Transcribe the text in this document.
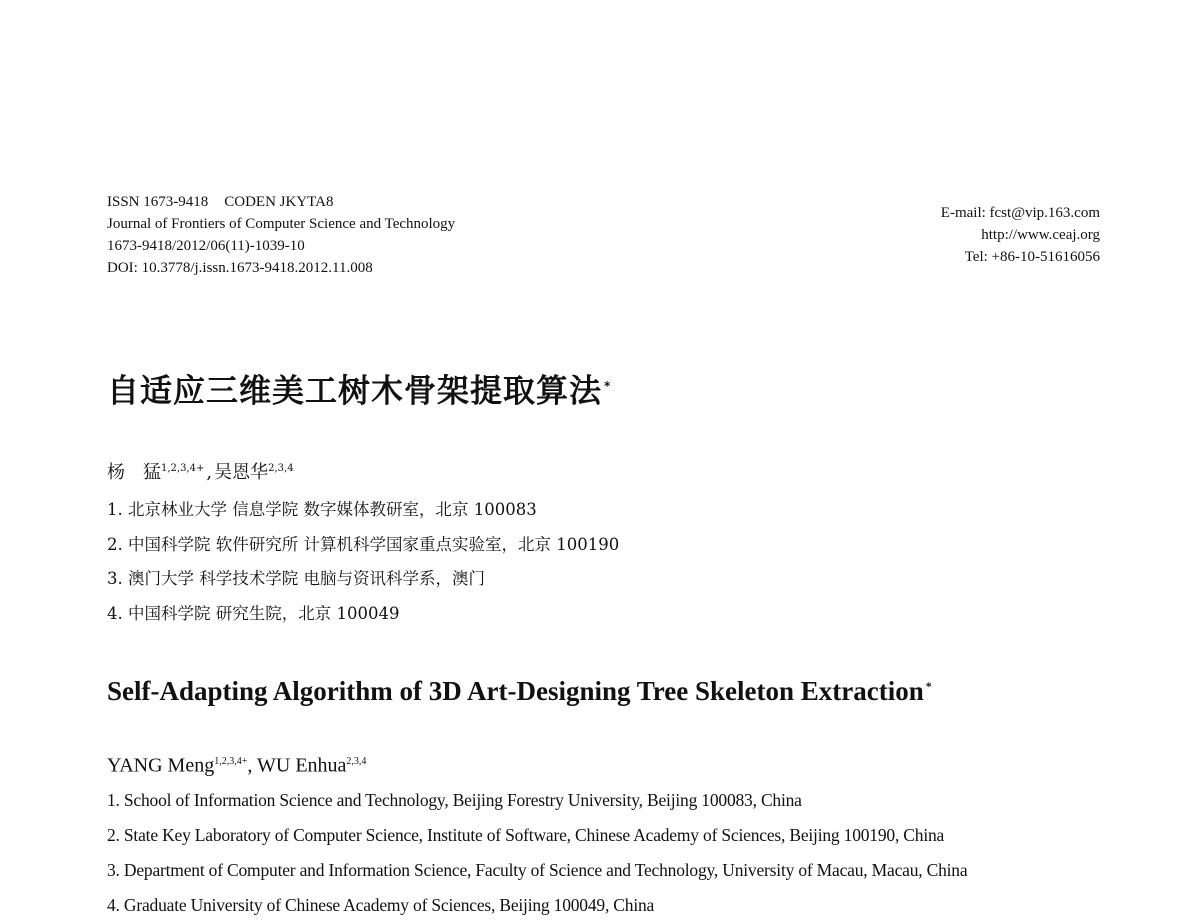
ISSN 1673-9418 CODEN JKYTA8
Journal of Frontiers of Computer Science and Technology
1673-9418/2012/06(11)-1039-10
DOI: 10.3778/j.issn.1673-9418.2012.11.008
E-mail: fcst@vip.163.com
http://www.ceaj.org
Tel: +86-10-51616056
自适应三维美工树木骨架提取算法 *
杨　猛$^{1,2,3,4+}$ , 吴恩华$^{2,3,4}$
1. 北京林业大学 信息学院 数字媒体教研室，北京 100083
2. 中国科学院 软件研究所 计算机科学国家重点实验室，北京 100190
3. 澳门大学 科学技术学院 电脑与资讯科学系，澳门
4. 中国科学院 研究生院，北京 100049
Self-Adapting Algorithm of 3D Art-Designing Tree Skeleton Extraction *
YANG Meng$^{1,2,3,4+}$, WU Enhua$^{2,3,4}$
1. School of Information Science and Technology, Beijing Forestry University, Beijing 100083, China
2. State Key Laboratory of Computer Science, Institute of Software, Chinese Academy of Sciences, Beijing 100190, China
3. Department of Computer and Information Science, Faculty of Science and Technology, University of Macau, Macau, China
4. Graduate University of Chinese Academy of Sciences, Beijing 100049, China
